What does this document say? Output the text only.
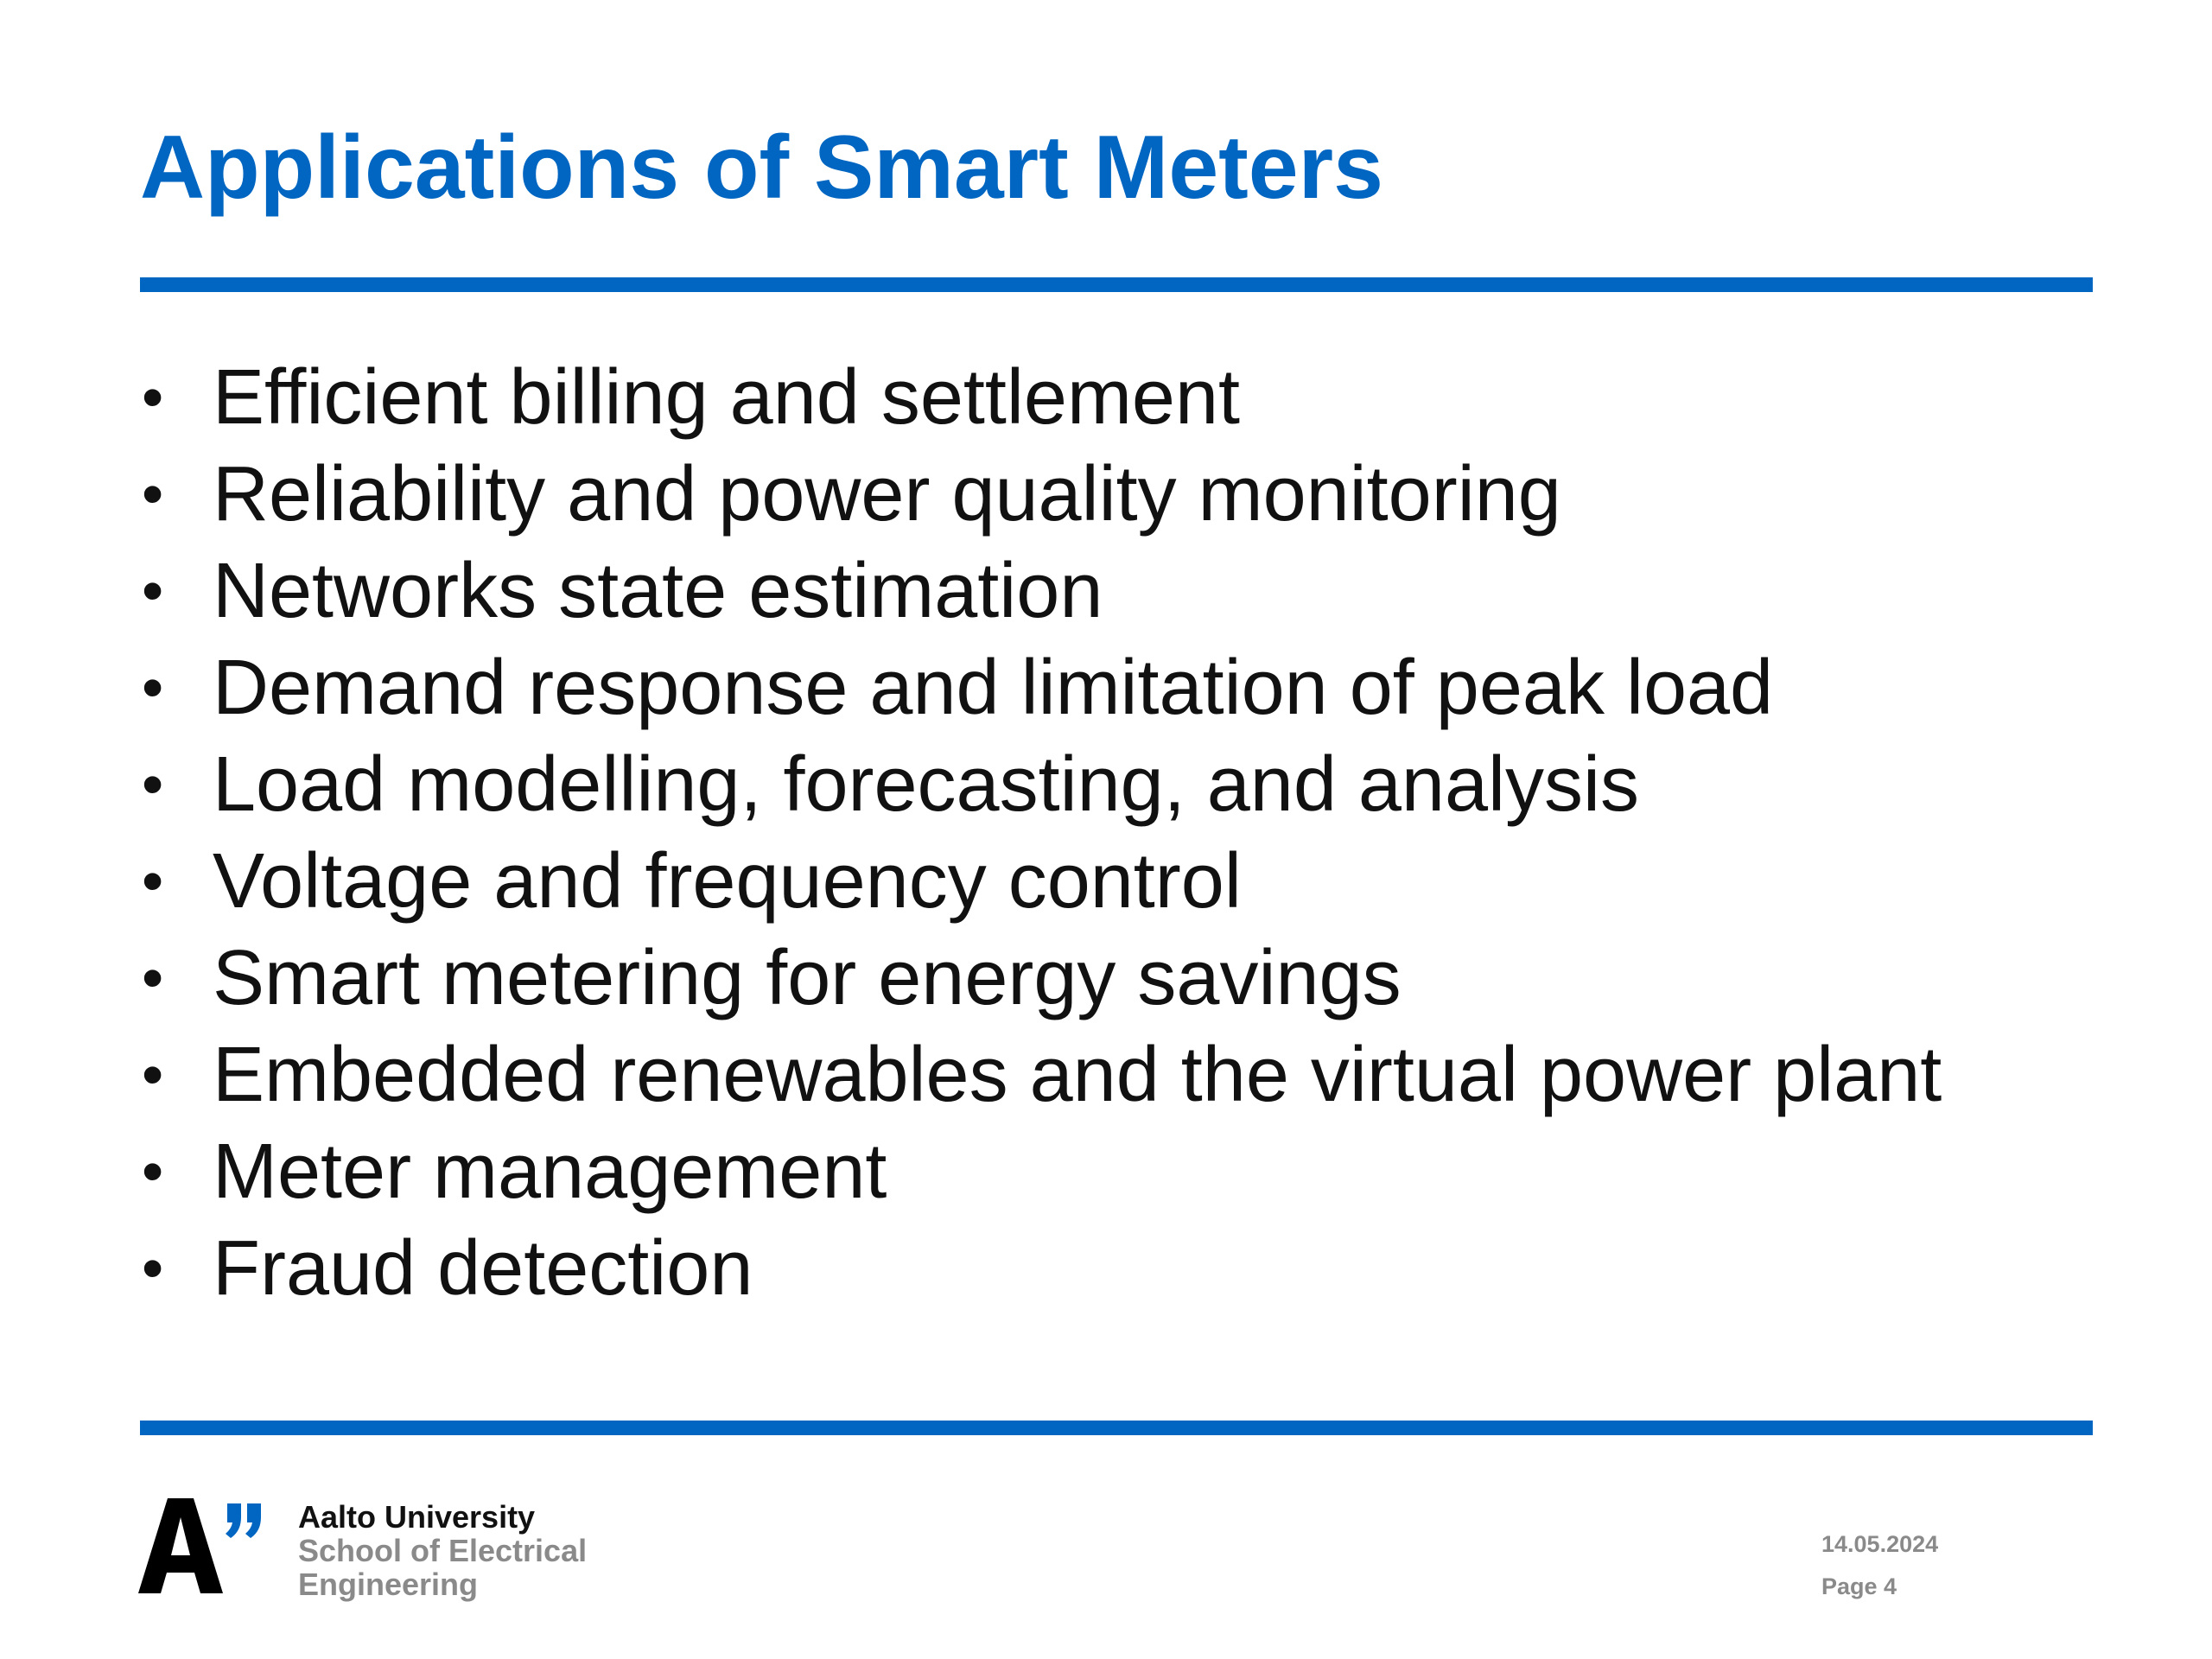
Applications of Smart Meters
• Efficient billing and settlement
• Reliability and power quality monitoring
• Networks state estimation
• Demand response and limitation of peak load
• Load modelling, forecasting, and analysis
• Voltage and frequency control
• Smart metering for energy savings
• Embedded renewables and the virtual power plant
• Meter management
• Fraud detection
Aalto University
School of Electrical
Engineering
14.05.2024
Page 4
